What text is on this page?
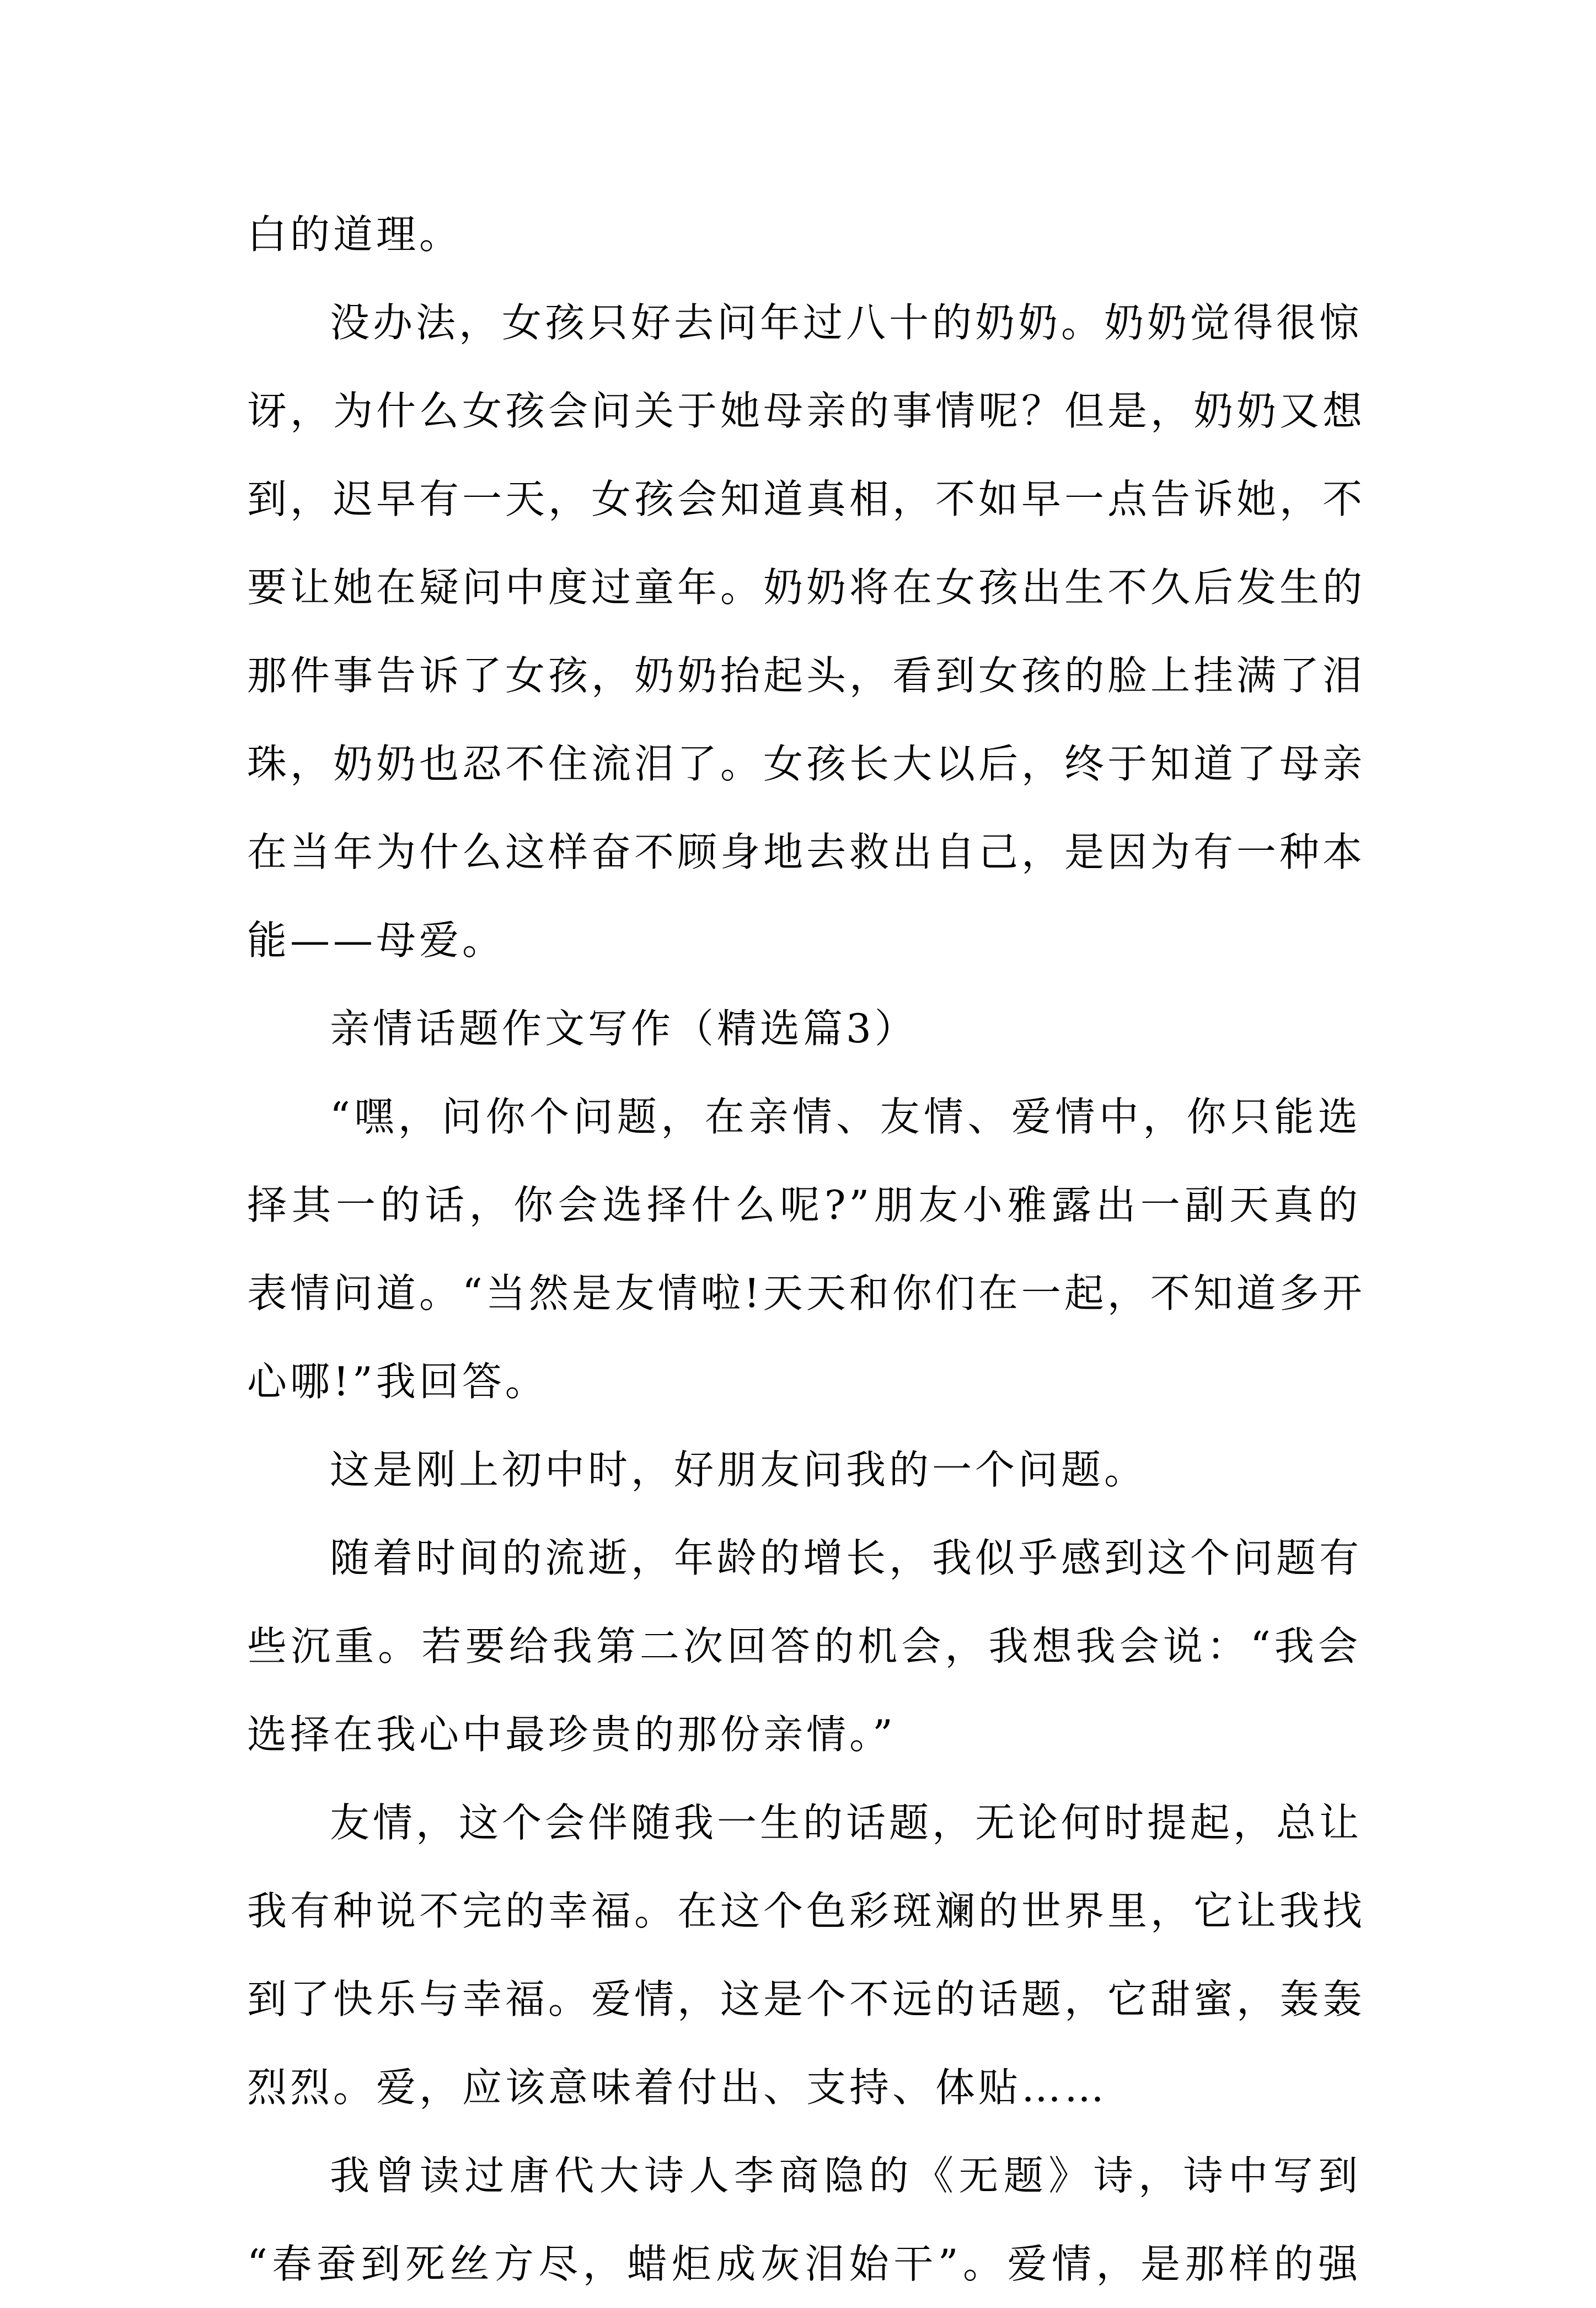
白的道理。
没办法，女孩只好去问年过八十的奶奶。奶奶觉得很惊
讶，为什么女孩会问关于她母亲的事情呢？但是，奶奶又想
到，迟早有一天，女孩会知道真相，不如早一点告诉她，不
要让她在疑问中度过童年。奶奶将在女孩出生不久后发生的
那件事告诉了女孩，奶奶抬起头，看到女孩的脸上挂满了泪
珠，奶奶也忍不住流泪了。女孩长大以后，终于知道了母亲
在当年为什么这样奋不顾身地去救出自己，是因为有一种本
能——母爱。
亲情话题作文写作（精选篇3）
“嘿，问你个问题，在亲情、友情、爱情中，你只能选
择其一的话，你会选择什么呢?”朋友小雅露出一副天真的
表情问道。“当然是友情啦!天天和你们在一起，不知道多开
心哪!”我回答。
这是刚上初中时，好朋友问我的一个问题。
随着时间的流逝，年龄的增长，我似乎感到这个问题有
些沉重。若要给我第二次回答的机会，我想我会说：“我会
选择在我心中最珍贵的那份亲情。”
友情，这个会伴随我一生的话题，无论何时提起，总让
我有种说不完的幸福。在这个色彩斑斓的世界里，它让我找
到了快乐与幸福。爱情，这是个不远的话题，它甜蜜，轰轰
烈烈。爱，应该意味着付出、支持、体贴……
我曾读过唐代大诗人李商隐的《无题》诗，诗中写到
“春蚕到死丝方尽，蜡炬成灰泪始干”。爱情，是那样的强
